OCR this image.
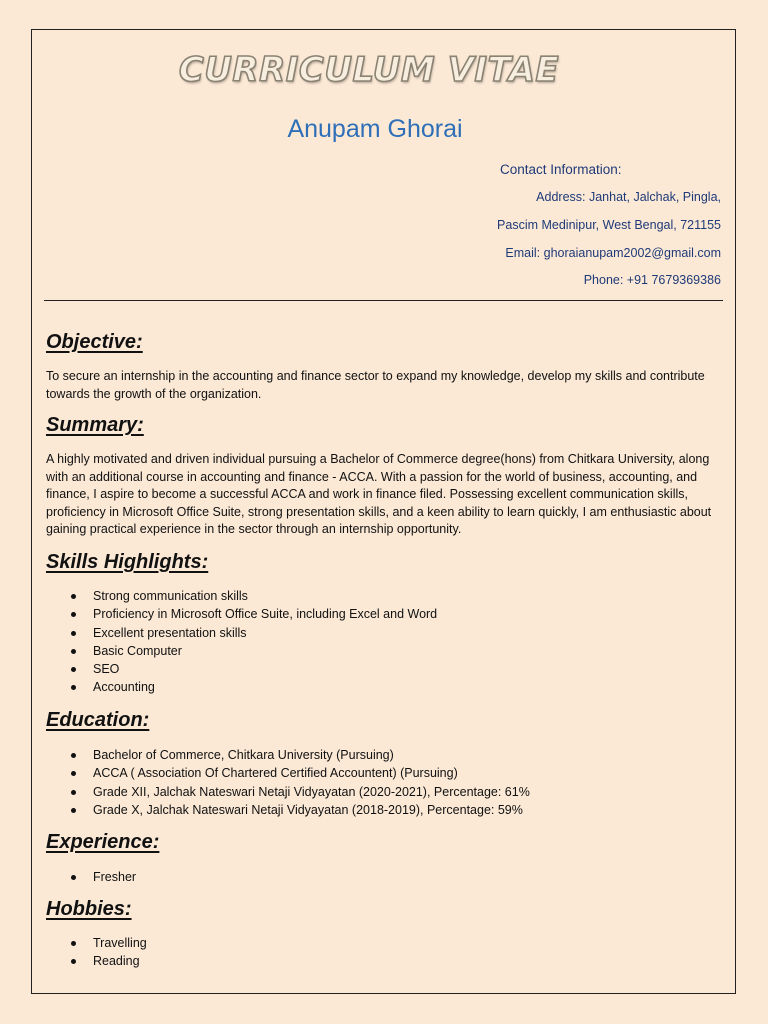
CURRICULUM VITAE
Anupam Ghorai
Contact Information:
Address: Janhat, Jalchak, Pingla,
Pascim Medinipur, West Bengal, 721155
Email: ghoraianupam2002@gmail.com
Phone: +91 7679369386
Objective:
To secure an internship in the accounting and finance sector to expand my knowledge, develop my skills and contribute towards the growth of the organization.
Summary:
A highly motivated and driven individual pursuing a Bachelor of Commerce degree(hons) from Chitkara University, along with an additional course in accounting and finance - ACCA. With a passion for the world of business, accounting, and finance, I aspire to become a successful ACCA and work in finance filed. Possessing excellent communication skills, proficiency in Microsoft Office Suite, strong presentation skills, and a keen ability to learn quickly, I am enthusiastic about gaining practical experience in the sector through an internship opportunity.
Skills Highlights:
Strong communication skills
Proficiency in Microsoft Office Suite, including Excel and Word
Excellent presentation skills
Basic Computer
SEO
Accounting
Education:
Bachelor of Commerce, Chitkara University (Pursuing)
ACCA ( Association Of Chartered Certified Accountent) (Pursuing)
Grade XII, Jalchak Nateswari Netaji Vidyayatan (2020-2021), Percentage: 61%
Grade X, Jalchak Nateswari Netaji Vidyayatan (2018-2019), Percentage: 59%
Experience:
Fresher
Hobbies:
Travelling
Reading
